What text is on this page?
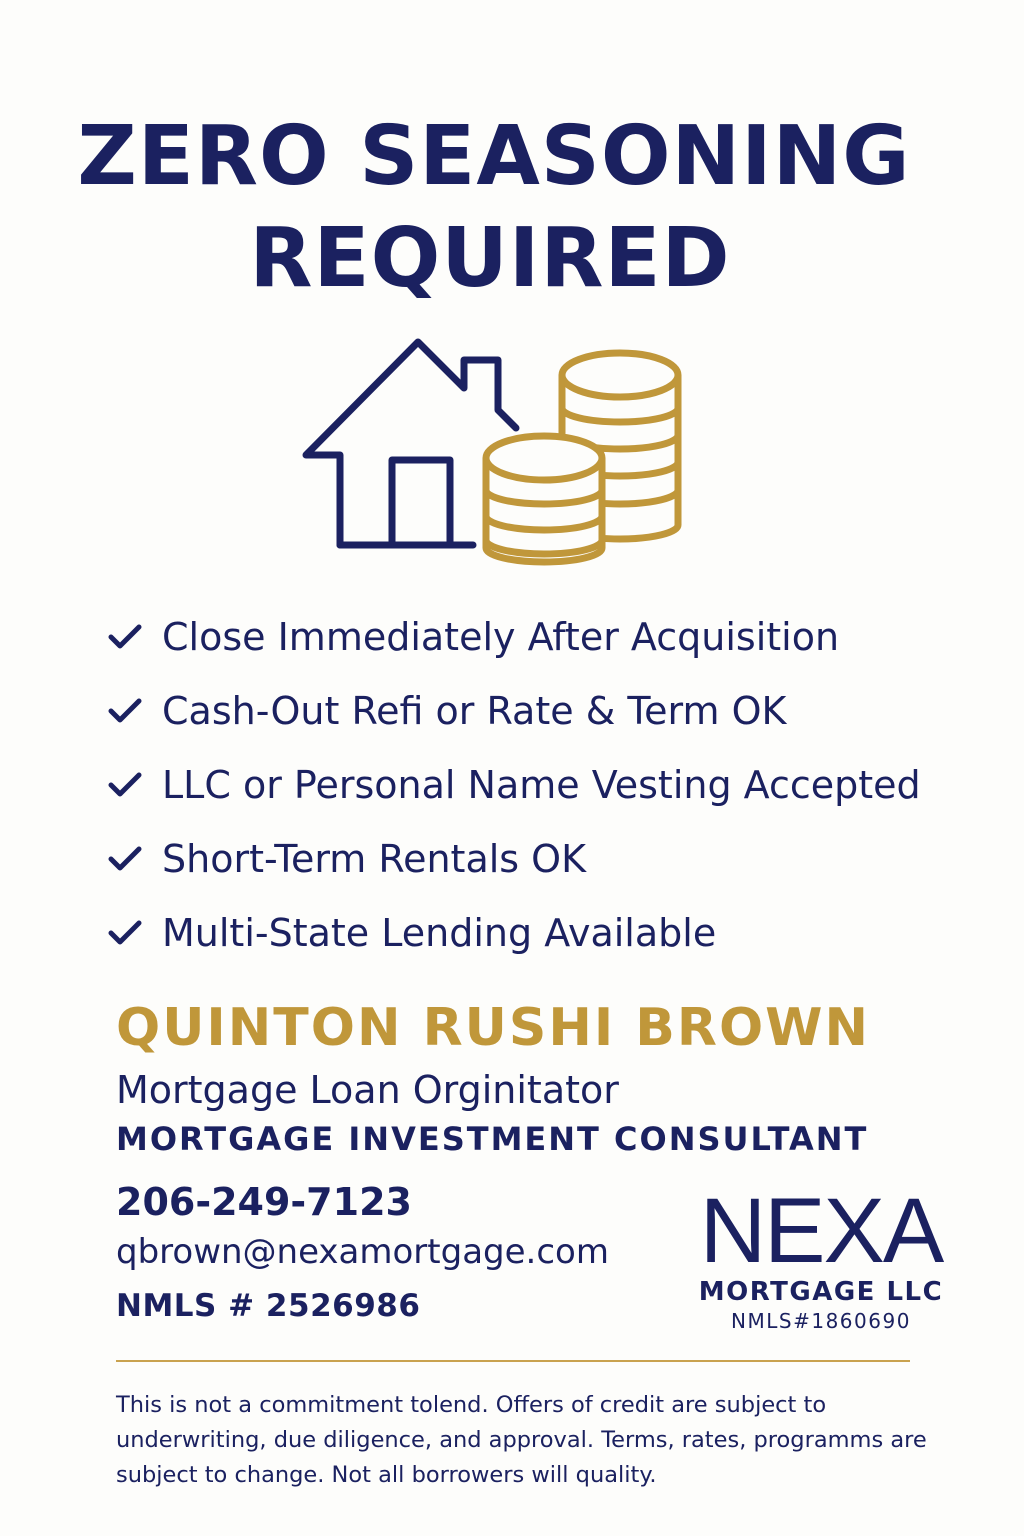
ZERO SEASONING
REQUIRED
Close Immediately After Acquisition
Cash-Out Refi or Rate & Term OK
LLC or Personal Name Vesting Accepted
Short-Term Rentals OK
Multi-State Lending Available
QUINTON RUSHI BROWN
Mortgage Loan Orginitator
MORTGAGE INVESTMENT CONSULTANT
206-249-7123
qbrown@nexamortgage.com
NMLS # 2526986
NEXA
MORTGAGE LLC
NMLS#1860690

This is not a commitment tolend. Offers of credit are subject to underwriting, due diligence, and approval. Terms, rates, programms are subject to change. Not all borrowers will quality.
